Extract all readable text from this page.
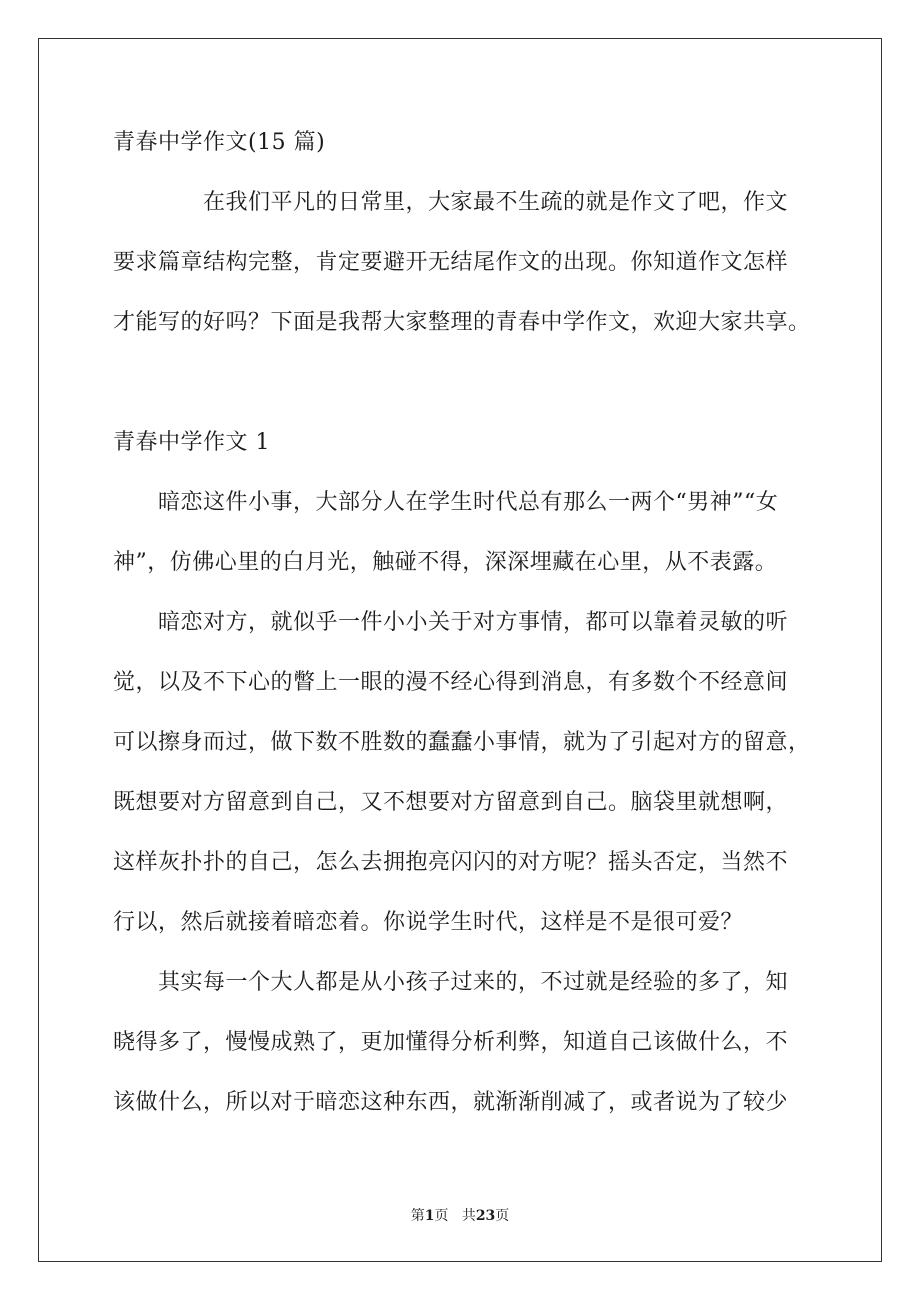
青春中学作文(15 篇)
在我们平凡的日常里，大家最不生疏的就是作文了吧，作文
要求篇章结构完整，肯定要避开无结尾作文的出现。你知道作文怎样
才能写的好吗？下面是我帮大家整理的青春中学作文，欢迎大家共享。
青春中学作文 1
暗恋这件小事，大部分人在学生时代总有那么一两个“男神”“女
神”，仿佛心里的白月光，触碰不得，深深埋藏在心里，从不表露。
暗恋对方，就似乎一件小小关于对方事情，都可以靠着灵敏的听
觉，以及不下心的瞥上一眼的漫不经心得到消息，有多数个不经意间
可以擦身而过，做下数不胜数的蠢蠢小事情，就为了引起对方的留意，
既想要对方留意到自己，又不想要对方留意到自己。脑袋里就想啊，
这样灰扑扑的自己，怎么去拥抱亮闪闪的对方呢？摇头否定，当然不
行以，然后就接着暗恋着。你说学生时代，这样是不是很可爱？
其实每一个大人都是从小孩子过来的，不过就是经验的多了，知
晓得多了，慢慢成熟了，更加懂得分析利弊，知道自己该做什么，不
该做什么，所以对于暗恋这种东西，就渐渐削减了，或者说为了较少
第1页 共23页
